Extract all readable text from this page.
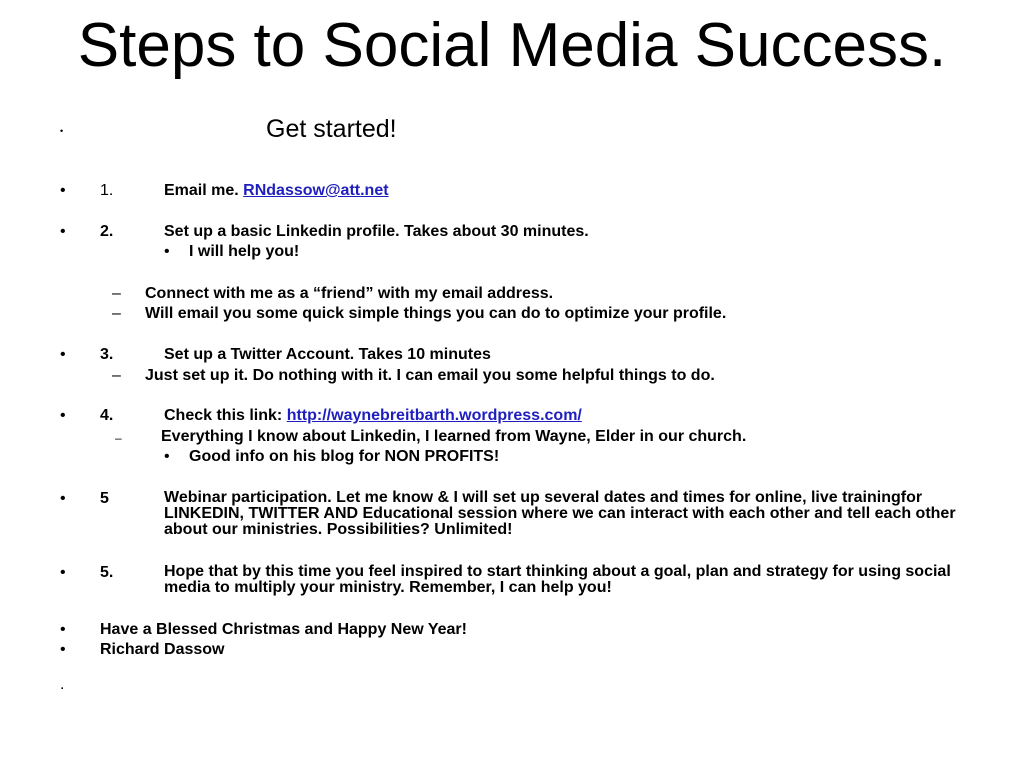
Steps to Social Media Success.
•	Get started!
• 1.	Email me. RNdassow@att.net
• 2.	Set up a basic Linkedin profile. Takes about 30 minutes.
• I will help you!
– Connect with me as a “friend” with my email address.
– Will email you some quick simple things you can do to optimize your profile.
• 3.	Set up a Twitter Account. Takes 10 minutes
– Just set up it. Do nothing with it. I can email you some helpful things to do.
• 4.	Check this link: http://waynebreitbarth.wordpress.com/
– Everything I know about Linkedin, I learned from Wayne, Elder in our church.
• Good info on his blog for NON PROFITS!
• 5	Webinar participation. Let me know & I will set up several dates and times for online, live trainingfor LINKEDIN, TWITTER AND Educational session where we can interact with each other and tell each other about our ministries. Possibilities? Unlimited!
• 5.	Hope that by this time you feel inspired to start thinking about a goal, plan and strategy for using social media to multiply your ministry. Remember, I can help you!
• Have a Blessed Christmas and Happy New Year!
• Richard Dassow
.
